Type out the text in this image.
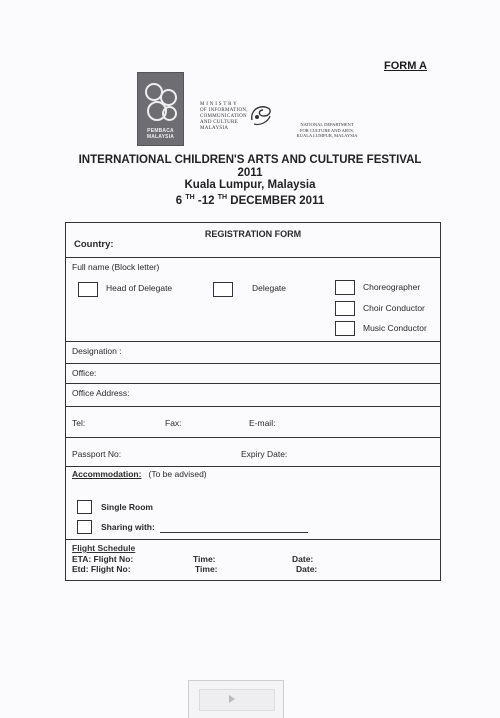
FORM A
PEMBACA MALAYSIA
M I N I S T R Y
OF INFORMATION,
COMMUNICATION
AND CULTURE
MALAYSIA
NATIONAL DEPARTMENT
FOR CULTURE AND ARTS,
KUALA LUMPUR, MALAYSIA
INTERNATIONAL CHILDREN'S ARTS AND CULTURE FESTIVAL
2011
Kuala Lumpur, Malaysia
6 $^{TH}$ -12 $^{TH}$ DECEMBER 2011
REGISTRATION FORM
Country:
Full name (Block letter)
Head of Delegate	Delegate	Choreographer
Choir Conductor
Music Conductor
Designation :
Office:
Office Address:
Tel:	Fax:	E-mail:
Passport No:	Expiry Date:
Accommodation: (To be advised)
Single Room
Sharing with:
Flight Schedule
ETA: Flight No:	Time:	Date:
Etd: Flight No:	Time:	Date:
